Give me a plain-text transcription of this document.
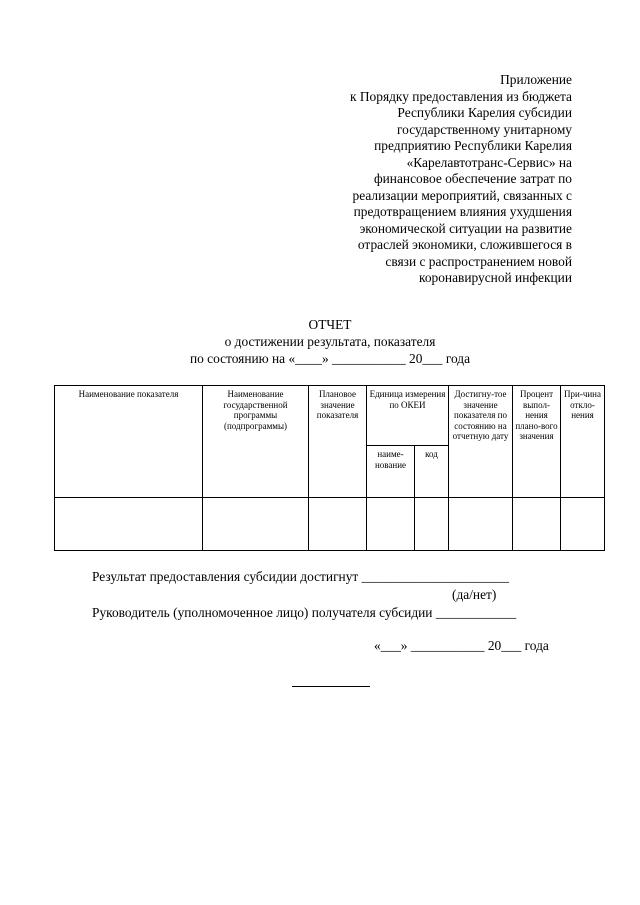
Приложение
к Порядку предоставления из бюджета
Республики Карелия субсидии
государственному унитарному
предприятию Республики Карелия
«Карелавтотранс-Сервис» на
финансовое обеспечение затрат по
реализации мероприятий, связанных с
предотвращением влияния ухудшения
экономической ситуации на развитие
отраслей экономики, сложившегося в
связи с распространением новой
коронавирусной инфекции
ОТЧЕТ
о достижении результата, показателя
по состоянию на «____» ___________ 20___ года
Наименование показателя	Наименование государственной программы (подпрограммы)	Плановое значение показателя	Единица измерения по ОКЕИ		Достигну-тое значение показателя по состоянию на отчетную дату	Процент выпол-нения плано-вого значения	При-чина откло-нения
			наиме-нование	код			

Результат предоставления субсидии достигнут ______________________
(да/нет)
Руководитель (уполномоченное лицо) получателя субсидии ____________
«___» ___________ 20___ года
